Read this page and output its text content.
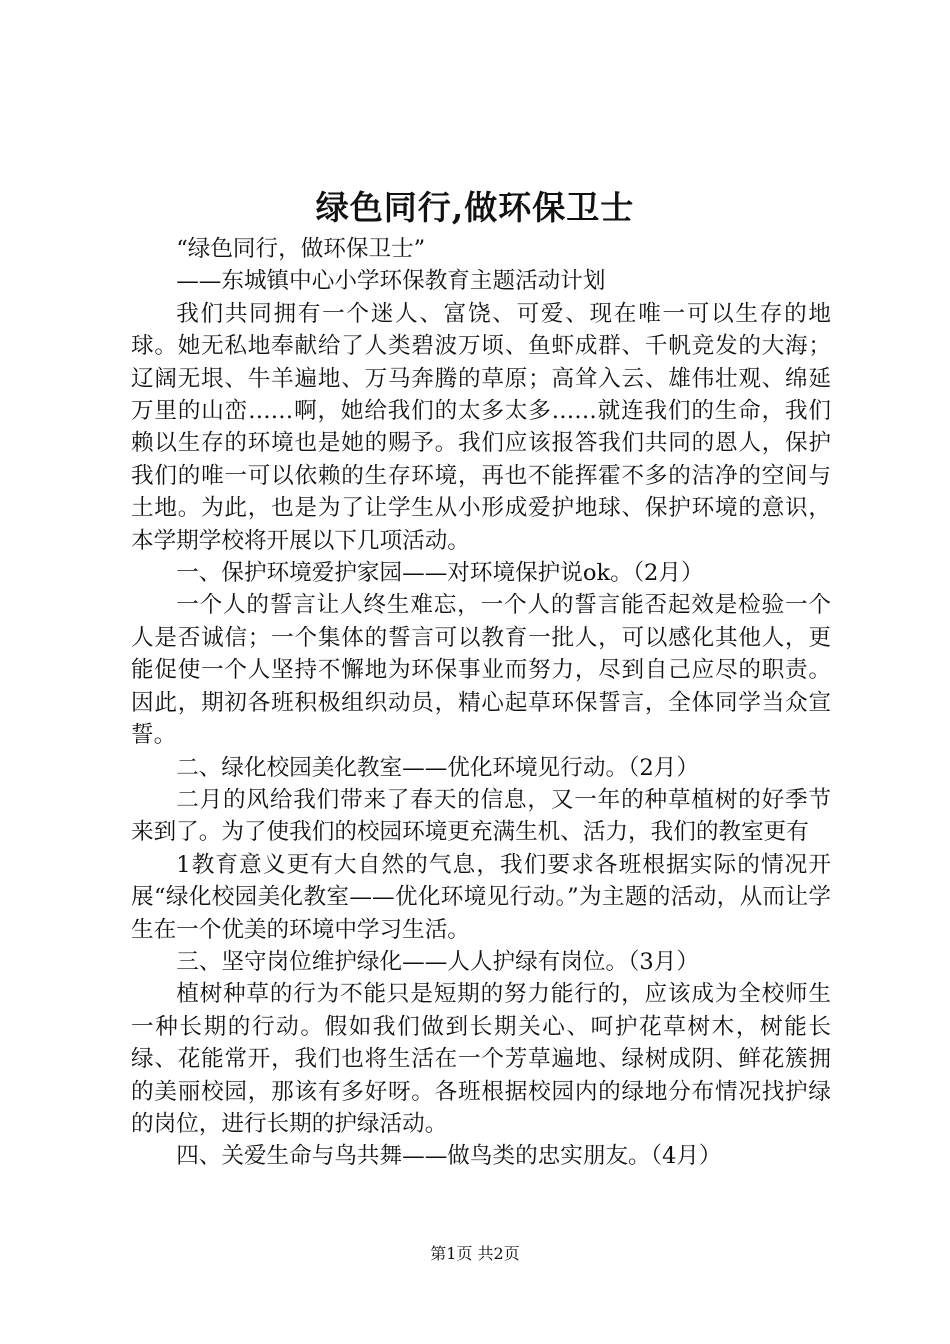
绿色同行,做环保卫士

“绿色同行，做环保卫士”

——东城镇中心小学环保教育主题活动计划

我们共同拥有一个迷人、富饶、可爱、现在唯一可以生存的地球。她无私地奉献给了人类碧波万顷、鱼虾成群、千帆竞发的大海；辽阔无垠、牛羊遍地、万马奔腾的草原；高耸入云、雄伟壮观、绵延万里的山峦……啊，她给我们的太多太多……就连我们的生命，我们赖以生存的环境也是她的赐予。我们应该报答我们共同的恩人，保护我们的唯一可以依赖的生存环境，再也不能挥霍不多的洁净的空间与土地。为此，也是为了让学生从小形成爱护地球、保护环境的意识，本学期学校将开展以下几项活动。

一、保护环境爱护家园——对环境保护说ok。（2月）

一个人的誓言让人终生难忘，一个人的誓言能否起效是检验一个人是否诚信；一个集体的誓言可以教育一批人，可以感化其他人，更能促使一个人坚持不懈地为环保事业而努力，尽到自己应尽的职责。因此，期初各班积极组织动员，精心起草环保誓言，全体同学当众宣誓。

二、绿化校园美化教室——优化环境见行动。（2月）

二月的风给我们带来了春天的信息，又一年的种草植树的好季节来到了。为了使我们的校园环境更充满生机、活力，我们的教室更有

1教育意义更有大自然的气息，我们要求各班根据实际的情况开展“绿化校园美化教室——优化环境见行动。”为主题的活动，从而让学生在一个优美的环境中学习生活。

三、坚守岗位维护绿化——人人护绿有岗位。（3月）

植树种草的行为不能只是短期的努力能行的，应该成为全校师生一种长期的行动。假如我们做到长期关心、呵护花草树木，树能长绿、花能常开，我们也将生活在一个芳草遍地、绿树成阴、鲜花簇拥的美丽校园，那该有多好呀。各班根据校园内的绿地分布情况找护绿的岗位，进行长期的护绿活动。

四、关爱生命与鸟共舞——做鸟类的忠实朋友。（4月）

第1页 共2页
